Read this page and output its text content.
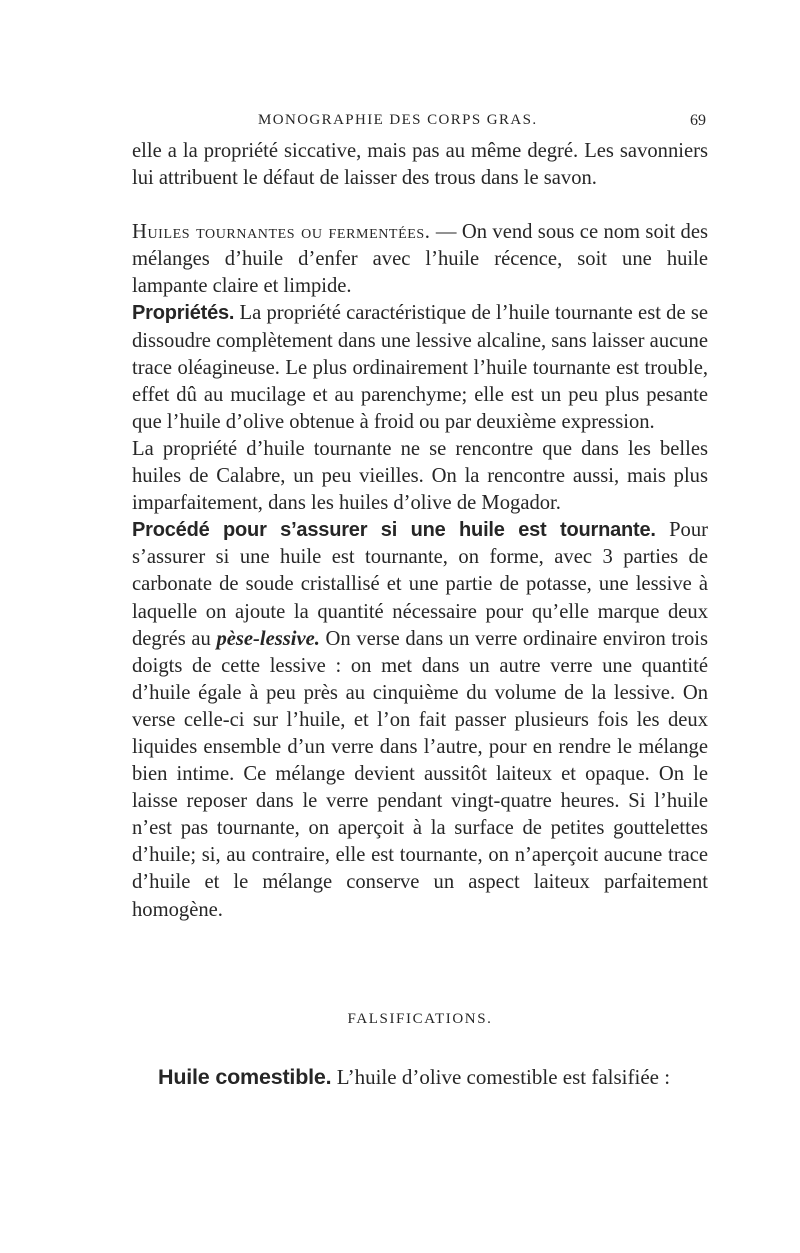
MONOGRAPHIE DES CORPS GRAS.	69

elle a la propriété siccative, mais pas au même degré. Les savonniers lui attribuent le défaut de laisser des trous dans le savon.

Huiles tournantes ou fermentées. — On vend sous ce nom soit des mélanges d’huile d’enfer avec l’huile récence, soit une huile lampante claire et limpide.

Propriétés. La propriété caractéristique de l’huile tournante est de se dissoudre complètement dans une lessive alcaline, sans laisser aucune trace oléagineuse. Le plus ordinairement l’huile tournante est trouble, effet dû au mucilage et au parenchyme; elle est un peu plus pesante que l’huile d’olive obtenue à froid ou par deuxième expression.

La propriété d’huile tournante ne se rencontre que dans les belles huiles de Calabre, un peu vieilles. On la rencontre aussi, mais plus imparfaitement, dans les huiles d’olive de Mogador.

Procédé pour s’assurer si une huile est tournante. Pour s’assurer si une huile est tournante, on forme, avec 3 parties de carbonate de soude cristallisé et une partie de potasse, une lessive à laquelle on ajoute la quantité nécessaire pour qu’elle marque deux degrés au pèse-lessive. On verse dans un verre ordinaire environ trois doigts de cette lessive : on met dans un autre verre une quantité d’huile égale à peu près au cinquième du volume de la lessive. On verse celle-ci sur l’huile, et l’on fait passer plusieurs fois les deux liquides ensemble d’un verre dans l’autre, pour en rendre le mélange bien intime. Ce mélange devient aussitôt laiteux et opaque. On le laisse reposer dans le verre pendant vingt-quatre heures. Si l’huile n’est pas tournante, on aperçoit à la surface de petites gouttelettes d’huile; si, au contraire, elle est tournante, on n’aperçoit aucune trace d’huile et le mélange conserve un aspect laiteux parfaitement homogène.

FALSIFICATIONS.
Huile comestible. L’huile d’olive comestible est falsifiée :
